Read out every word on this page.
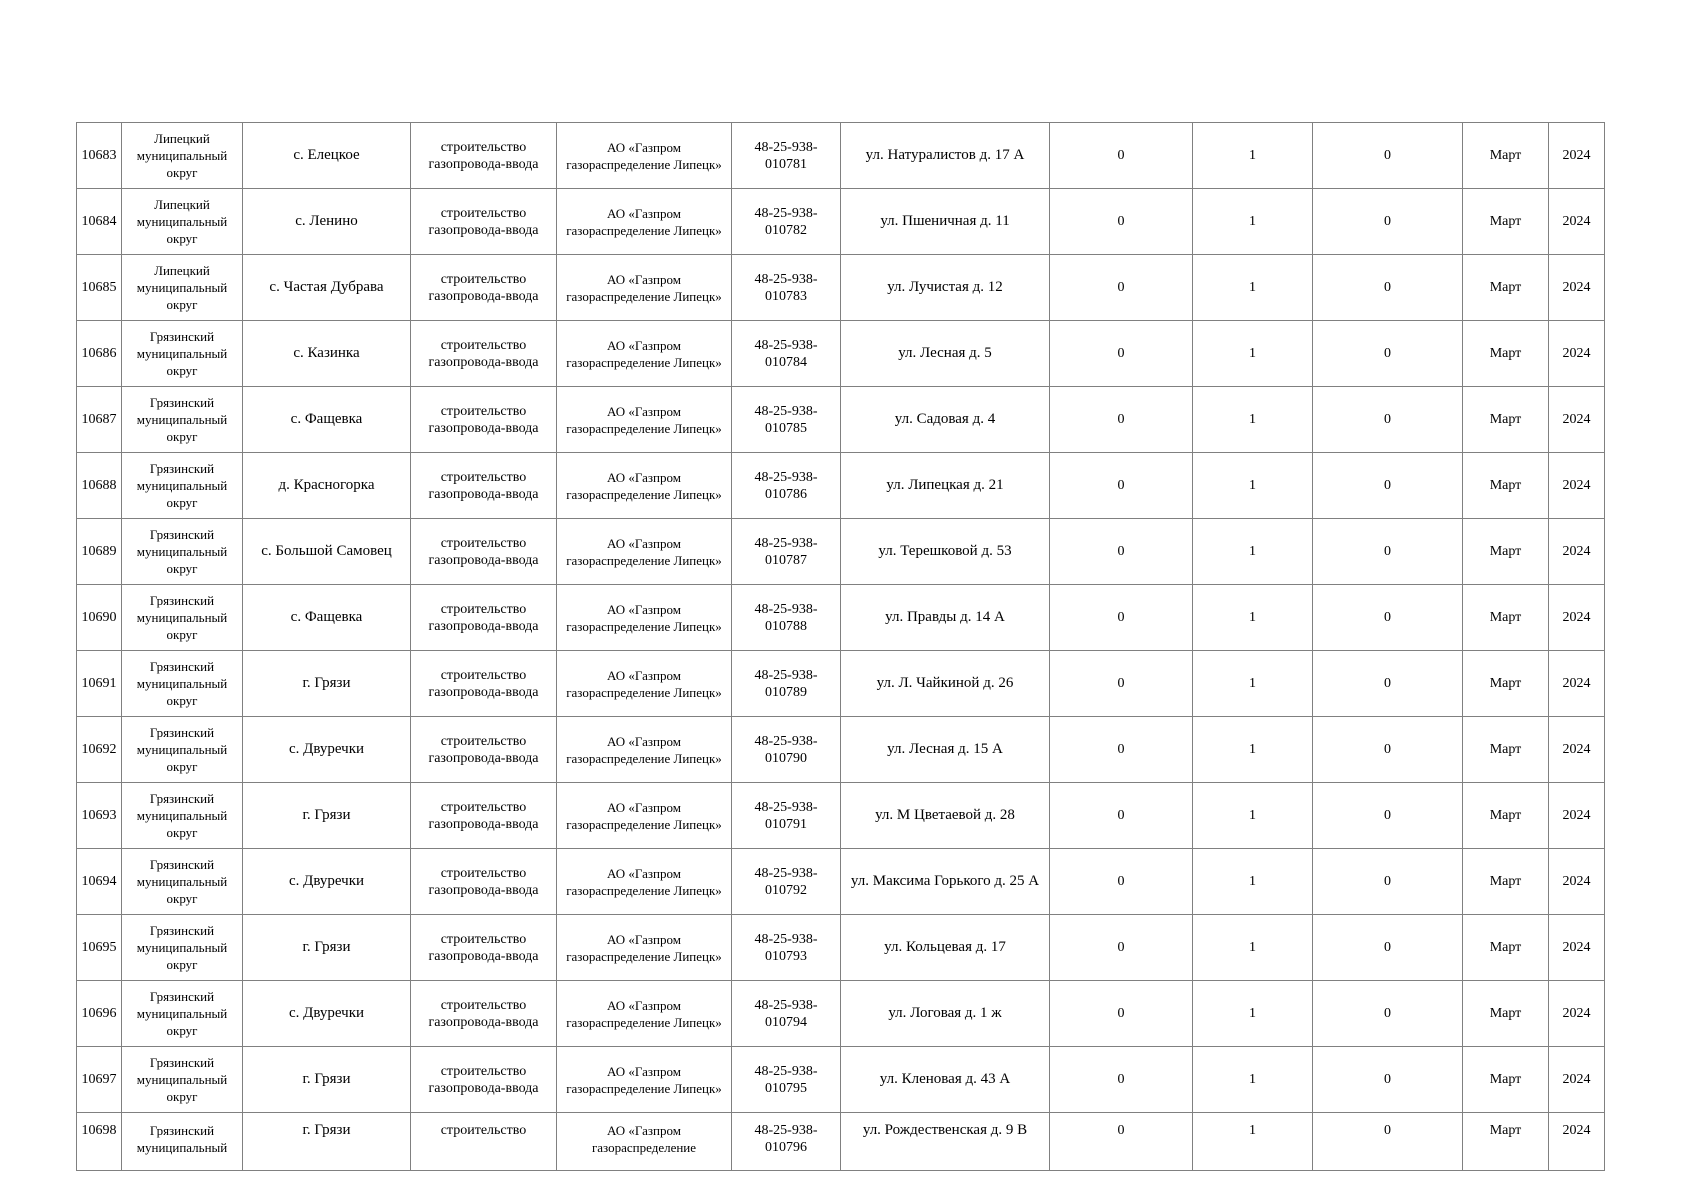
10683	Липецкий муниципальный округ	с. Елецкое	строительство газопровода-ввода	АО «Газпром газораспределение Липецк»	48-25-938-010781	ул. Натуралистов д. 17 А	0	1	0	Март	2024
10684	Липецкий муниципальный округ	с. Ленино	строительство газопровода-ввода	АО «Газпром газораспределение Липецк»	48-25-938-010782	ул. Пшеничная д. 11	0	1	0	Март	2024
10685	Липецкий муниципальный округ	с. Частая Дубрава	строительство газопровода-ввода	АО «Газпром газораспределение Липецк»	48-25-938-010783	ул. Лучистая д. 12	0	1	0	Март	2024
10686	Грязинский муниципальный округ	с. Казинка	строительство газопровода-ввода	АО «Газпром газораспределение Липецк»	48-25-938-010784	ул. Лесная д. 5	0	1	0	Март	2024
10687	Грязинский муниципальный округ	с. Фащевка	строительство газопровода-ввода	АО «Газпром газораспределение Липецк»	48-25-938-010785	ул. Садовая д. 4	0	1	0	Март	2024
10688	Грязинский муниципальный округ	д. Красногорка	строительство газопровода-ввода	АО «Газпром газораспределение Липецк»	48-25-938-010786	ул. Липецкая д. 21	0	1	0	Март	2024
10689	Грязинский муниципальный округ	с. Большой Самовец	строительство газопровода-ввода	АО «Газпром газораспределение Липецк»	48-25-938-010787	ул. Терешковой д. 53	0	1	0	Март	2024
10690	Грязинский муниципальный округ	с. Фащевка	строительство газопровода-ввода	АО «Газпром газораспределение Липецк»	48-25-938-010788	ул. Правды д. 14 А	0	1	0	Март	2024
10691	Грязинский муниципальный округ	г. Грязи	строительство газопровода-ввода	АО «Газпром газораспределение Липецк»	48-25-938-010789	ул. Л. Чайкиной д. 26	0	1	0	Март	2024
10692	Грязинский муниципальный округ	с. Двуречки	строительство газопровода-ввода	АО «Газпром газораспределение Липецк»	48-25-938-010790	ул. Лесная д. 15 А	0	1	0	Март	2024
10693	Грязинский муниципальный округ	г. Грязи	строительство газопровода-ввода	АО «Газпром газораспределение Липецк»	48-25-938-010791	ул. М Цветаевой д. 28	0	1	0	Март	2024
10694	Грязинский муниципальный округ	с. Двуречки	строительство газопровода-ввода	АО «Газпром газораспределение Липецк»	48-25-938-010792	ул. Максима Горького д. 25 А	0	1	0	Март	2024
10695	Грязинский муниципальный округ	г. Грязи	строительство газопровода-ввода	АО «Газпром газораспределение Липецк»	48-25-938-010793	ул. Кольцевая д. 17	0	1	0	Март	2024
10696	Грязинский муниципальный округ	с. Двуречки	строительство газопровода-ввода	АО «Газпром газораспределение Липецк»	48-25-938-010794	ул. Логовая д. 1 ж	0	1	0	Март	2024
10697	Грязинский муниципальный округ	г. Грязи	строительство газопровода-ввода	АО «Газпром газораспределение Липецк»	48-25-938-010795	ул. Кленовая д. 43 А	0	1	0	Март	2024
10698	Грязинский муниципальный	г. Грязи	строительство	АО «Газпром газораспределение	48-25-938-010796	ул. Рождественская д. 9 В	0	1	0	Март	2024
